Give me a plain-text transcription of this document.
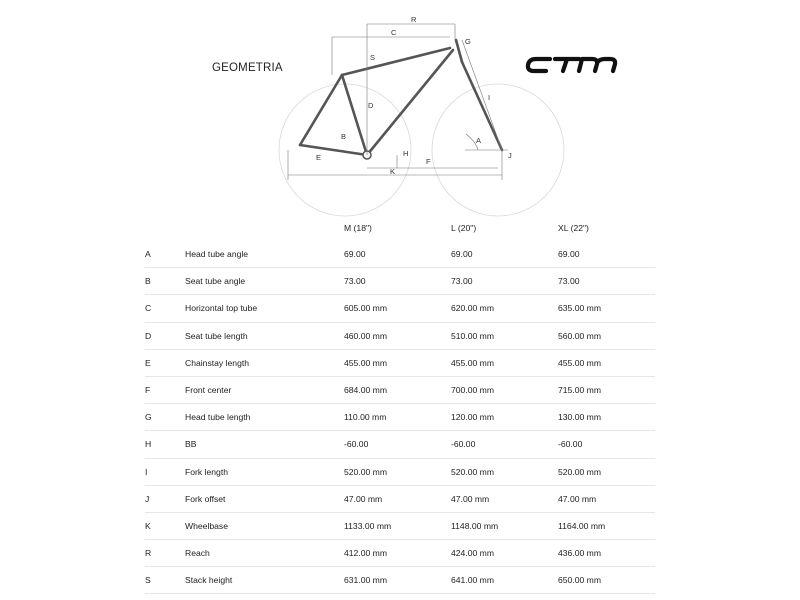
GEOMETRIA
R
C
S
G
D
I
B	A
H
F
E
K
J
		M (18")	L (20")	XL (22")
A	Head tube angle	69.00	69.00	69.00
B	Seat tube angle	73.00	73.00	73.00
C	Horizontal top tube	605.00 mm	620.00 mm	635.00 mm
D	Seat tube length	460.00 mm	510.00 mm	560.00 mm
E	Chainstay length	455.00 mm	455.00 mm	455.00 mm
F	Front center	684.00 mm	700.00 mm	715.00 mm
G	Head tube length	110.00 mm	120.00 mm	130.00 mm
H	BB	-60.00	-60.00	-60.00
I	Fork length	520.00 mm	520.00 mm	520.00 mm
J	Fork offset	47.00 mm	47.00 mm	47.00 mm
K	Wheelbase	1133.00 mm	1148.00 mm	1164.00 mm
R	Reach	412.00 mm	424.00 mm	436.00 mm
S	Stack height	631.00 mm	641.00 mm	650.00 mm
